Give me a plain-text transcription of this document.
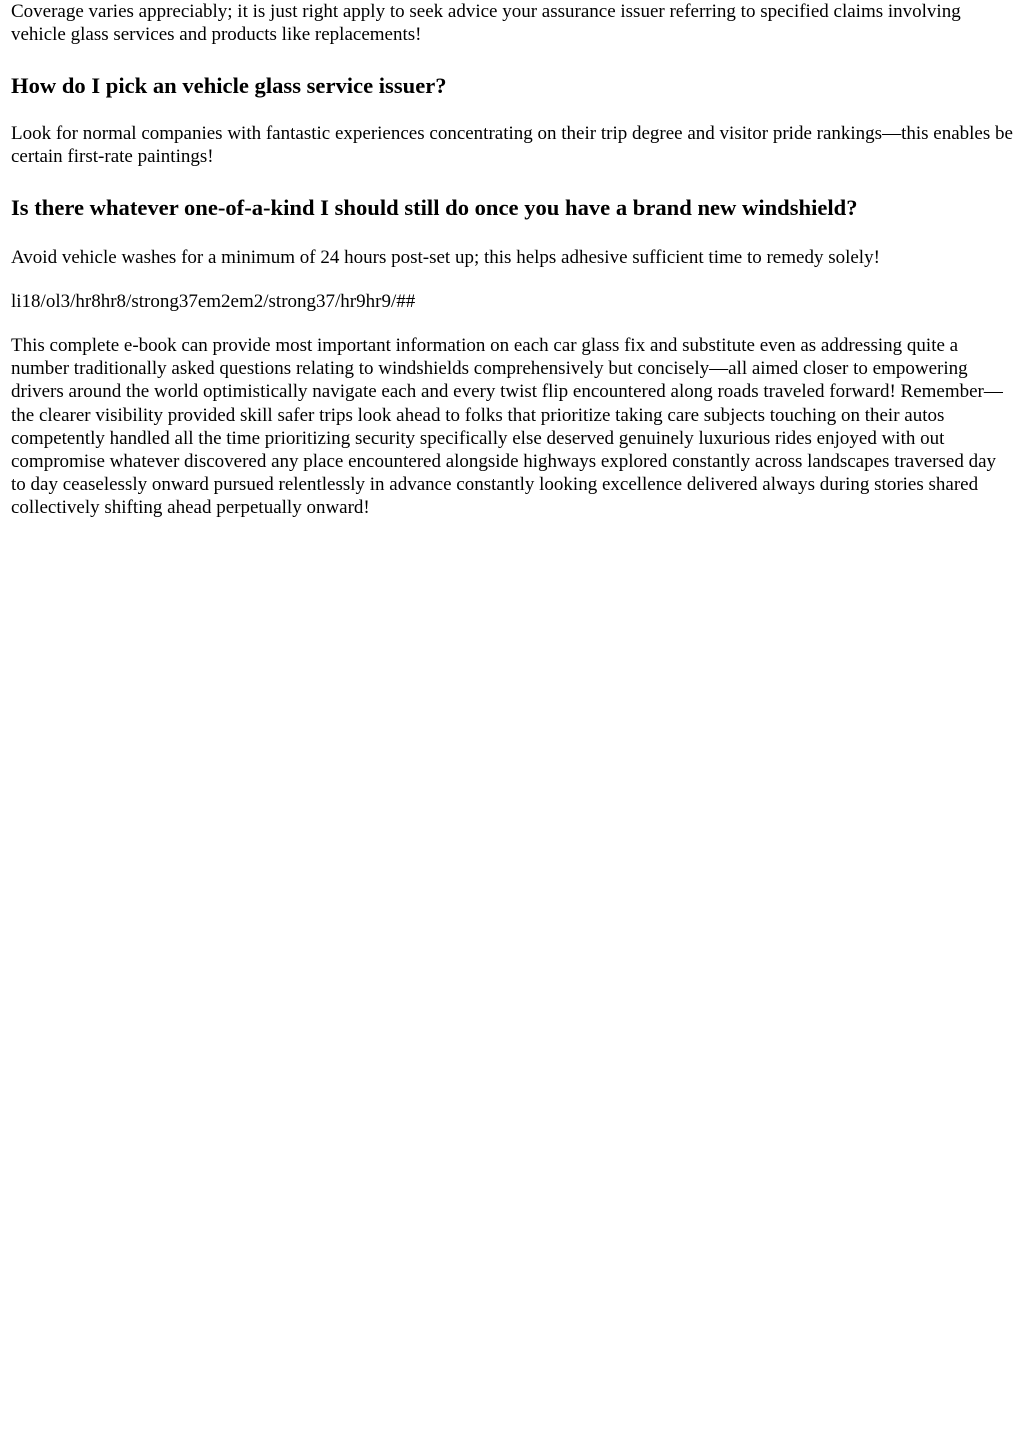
Coverage varies appreciably; it is just right apply to seek advice your assurance issuer referring to specified claims involving vehicle glass services and products like replacements!

How do I pick an vehicle glass service issuer?

Look for normal companies with fantastic experiences concentrating on their trip degree and visitor pride rankings—this enables be certain first-rate paintings!

Is there whatever one-of-a-kind I should still do once you have a brand new windshield?

Avoid vehicle washes for a minimum of 24 hours post-set up; this helps adhesive sufficient time to remedy solely!

li18/ol3/hr8hr8/strong37em2em2/strong37/hr9hr9/##

This complete e-book can provide most important information on each car glass fix and substitute even as addressing quite a number traditionally asked questions relating to windshields comprehensively but concisely—all aimed closer to empowering drivers around the world optimistically navigate each and every twist flip encountered along roads traveled forward! Remember—the clearer visibility provided skill safer trips look ahead to folks that prioritize taking care subjects touching on their autos competently handled all the time prioritizing security specifically else deserved genuinely luxurious rides enjoyed with out compromise whatever discovered any place encountered alongside highways explored constantly across landscapes traversed day to day ceaselessly onward pursued relentlessly in advance constantly looking excellence delivered always during stories shared collectively shifting ahead perpetually onward!
